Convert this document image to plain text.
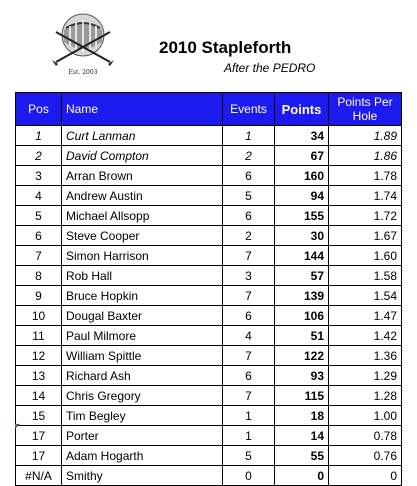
Est. 2003
2010 Stapleforth
After the PEDRO
Pos	Name	Events	Points	Points Per Hole
1	Curt Lanman	1	34	1.89
2	David Compton	2	67	1.86
3	Arran Brown	6	160	1.78
4	Andrew Austin	5	94	1.74
5	Michael Allsopp	6	155	1.72
6	Steve Cooper	2	30	1.67
7	Simon Harrison	7	144	1.60
8	Rob Hall	3	57	1.58
9	Bruce Hopkin	7	139	1.54
10	Dougal Baxter	6	106	1.47
11	Paul Milmore	4	51	1.42
12	William Spittle	7	122	1.36
13	Richard Ash	6	93	1.29
14	Chris Gregory	7	115	1.28
15	Tim Begley	1	18	1.00
17	Porter	1	14	0.78
17	Adam Hogarth	5	55	0.76
#N/A	Smithy	0	0	0
